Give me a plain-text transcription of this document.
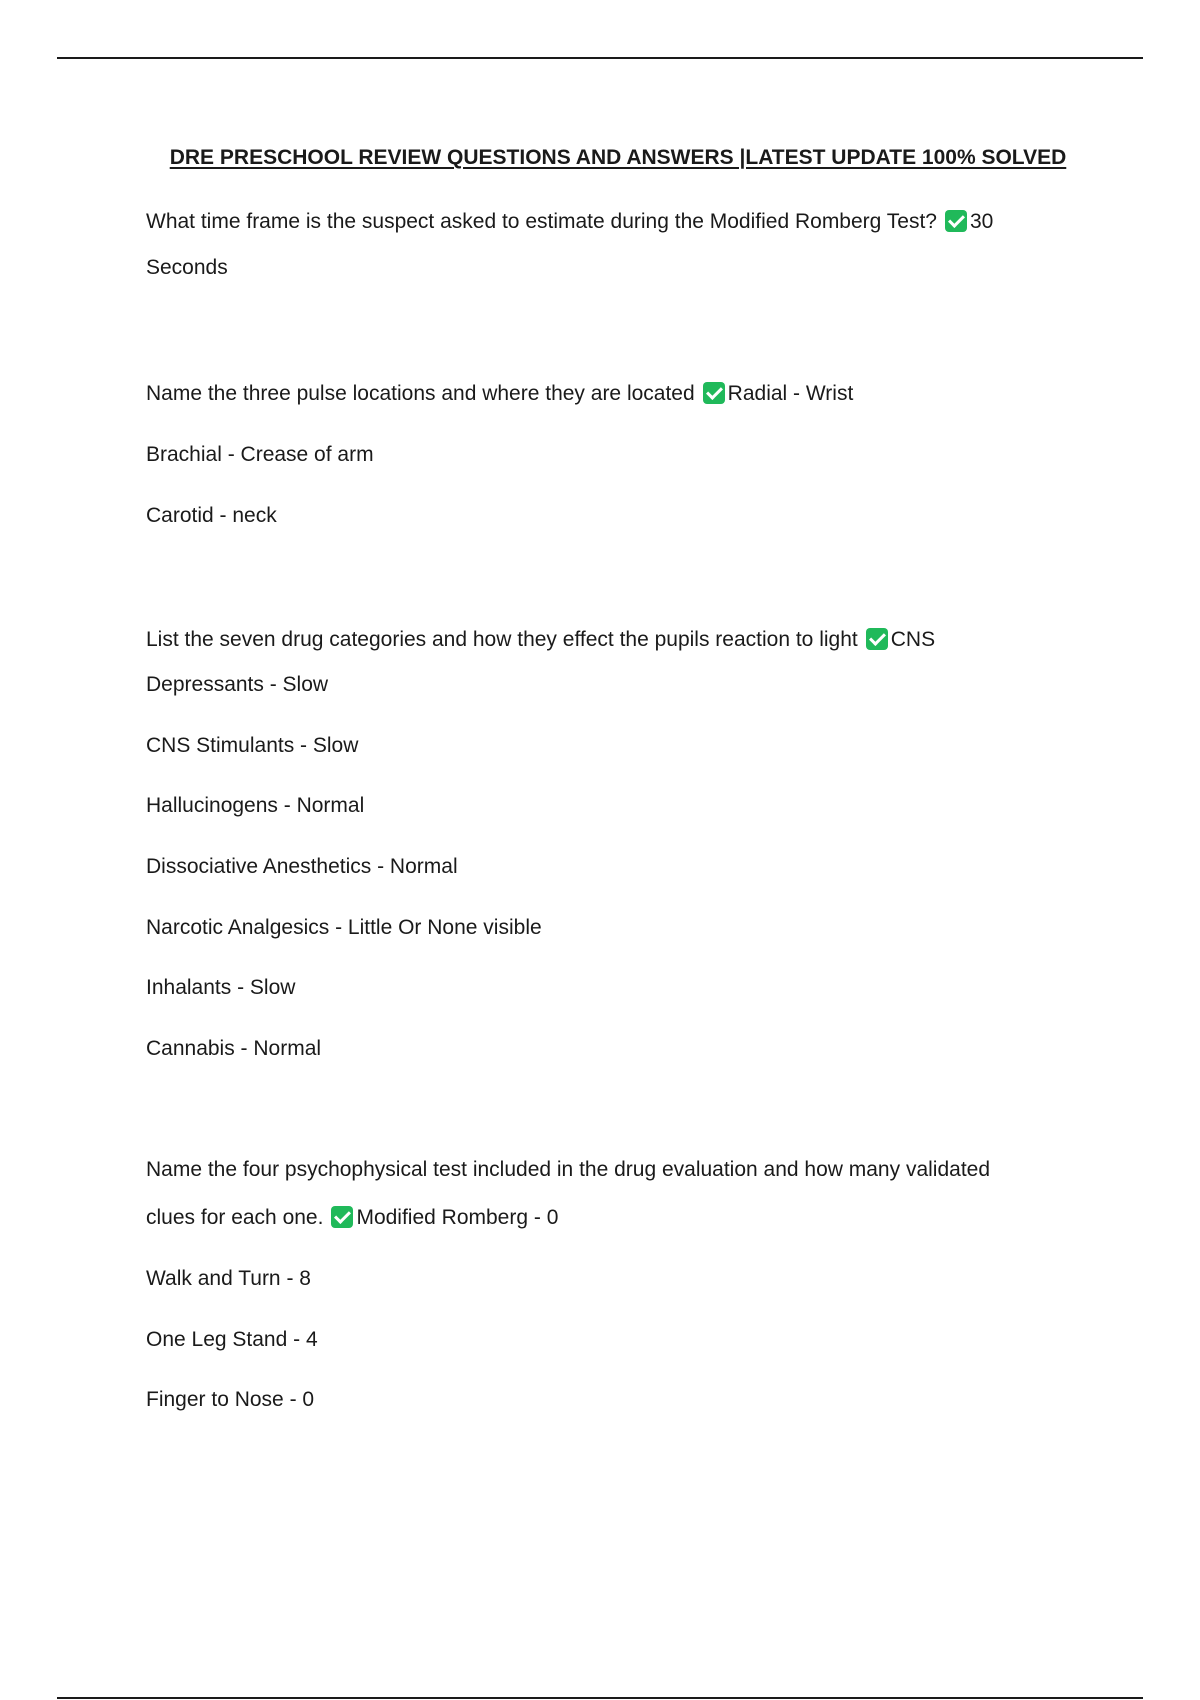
DRE PRESCHOOL REVIEW QUESTIONS AND ANSWERS |LATEST UPDATE 100% SOLVED
What time frame is the suspect asked to estimate during the Modified Romberg Test? 30
Seconds
Name the three pulse locations and where they are located Radial - Wrist
Brachial - Crease of arm
Carotid - neck
List the seven drug categories and how they effect the pupils reaction to light CNS
Depressants - Slow
CNS Stimulants - Slow
Hallucinogens - Normal
Dissociative Anesthetics - Normal
Narcotic Analgesics - Little Or None visible
Inhalants - Slow
Cannabis - Normal
Name the four psychophysical test included in the drug evaluation and how many validated
clues for each one. Modified Romberg - 0
Walk and Turn - 8
One Leg Stand - 4
Finger to Nose - 0
